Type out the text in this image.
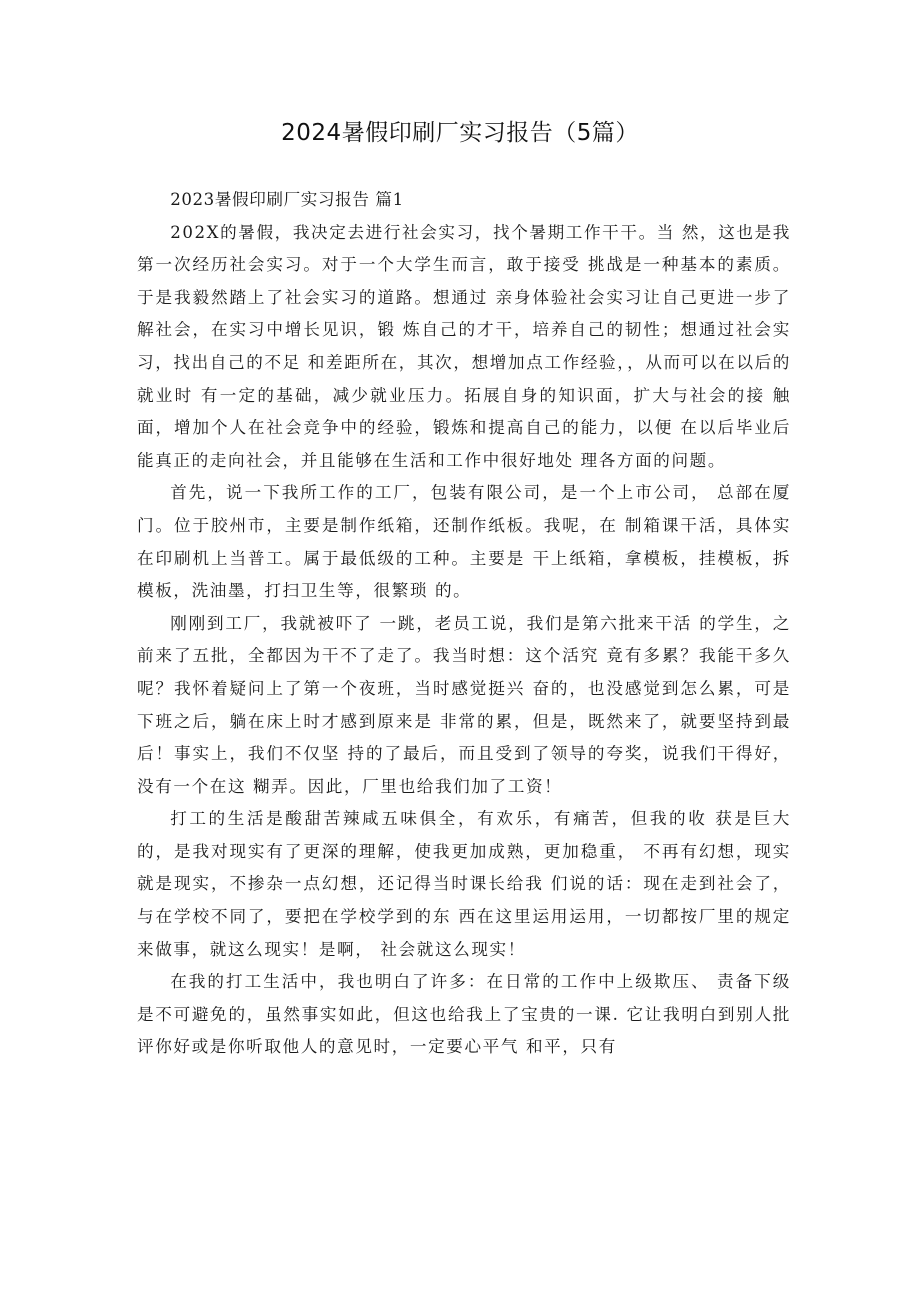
2024暑假印刷厂实习报告（5篇）

2023暑假印刷厂实习报告 篇1

202X的暑假，我决定去进行社会实习，找个暑期工作干干。当 然，这也是我第一次经历社会实习。对于一个大学生而言，敢于接受 挑战是一种基本的素质。于是我毅然踏上了社会实习的道路。想通过 亲身体验社会实习让自己更进一步了解社会，在实习中增长见识，锻 炼自己的才干，培养自己的韧性；想通过社会实习，找出自己的不足 和差距所在，其次，想增加点工作经验，，从而可以在以后的就业时 有一定的基础，减少就业压力。拓展自身的知识面，扩大与社会的接 触面，增加个人在社会竞争中的经验，锻炼和提高自己的能力，以便 在以后毕业后能真正的走向社会，并且能够在生活和工作中很好地处 理各方面的问题。

首先，说一下我所工作的工厂，包装有限公司，是一个上市公司， 总部在厦门。位于胶州市，主要是制作纸箱，还制作纸板。我呢，在 制箱课干活，具体实在印刷机上当普工。属于最低级的工种。主要是 干上纸箱，拿模板，挂模板，拆模板，洗油墨，打扫卫生等，很繁琐 的。

刚刚到工厂，我就被吓了 一跳，老员工说，我们是第六批来干活 的学生，之前来了五批，全都因为干不了走了。我当时想：这个活究 竟有多累？我能干多久呢？我怀着疑问上了第一个夜班，当时感觉挺兴 奋的，也没感觉到怎么累，可是下班之后，躺在床上时才感到原来是 非常的累，但是，既然来了，就要坚持到最后！事实上，我们不仅坚 持的了最后，而且受到了领导的夸奖，说我们干得好，没有一个在这 糊弄。因此，厂里也给我们加了工资！

打工的生活是酸甜苦辣咸五味俱全，有欢乐，有痛苦，但我的收 获是巨大的，是我对现实有了更深的理解，使我更加成熟，更加稳重， 不再有幻想，现实就是现实，不掺杂一点幻想，还记得当时课长给我 们说的话：现在走到社会了，与在学校不同了，要把在学校学到的东 西在这里运用运用，一切都按厂里的规定来做事，就这么现实！是啊， 社会就这么现实！

在我的打工生活中，我也明白了许多：在日常的工作中上级欺压、 责备下级是不可避免的，虽然事实如此，但这也给我上了宝贵的一课. 它让我明白到别人批评你好或是你听取他人的意见时，一定要心平气 和平，只有
